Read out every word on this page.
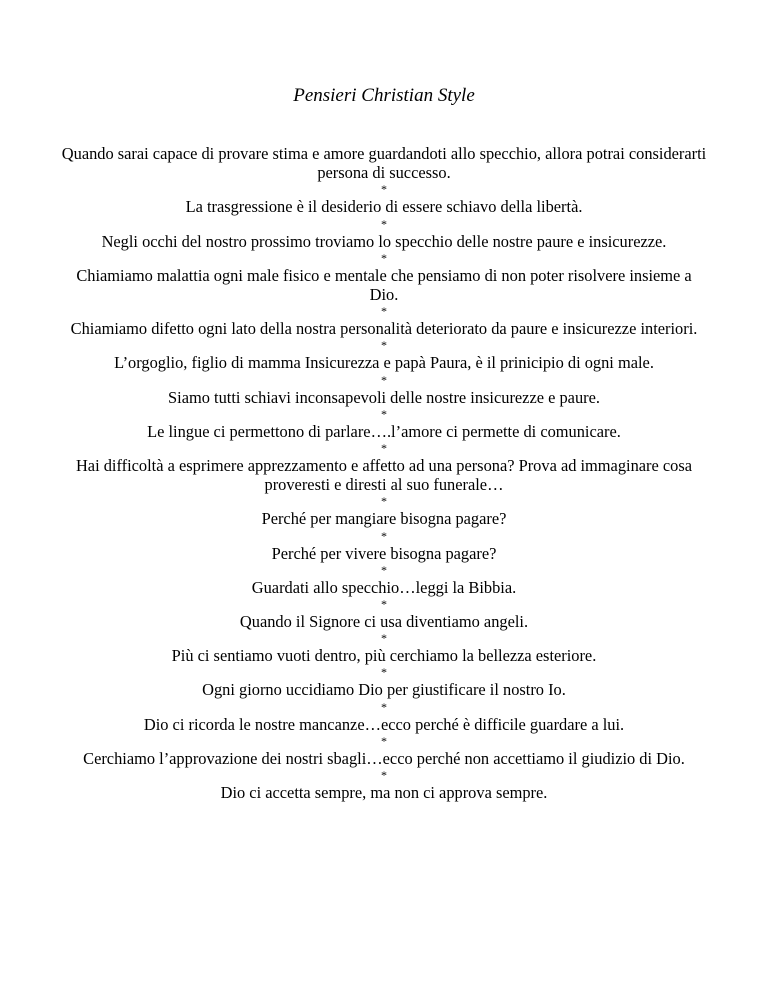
Pensieri Christian Style

Quando sarai capace di provare stima e amore guardandoti allo specchio, allora potrai considerarti persona di successo.

*

La trasgressione è il desiderio di essere schiavo della libertà.

*

Negli occhi del nostro prossimo troviamo lo specchio delle nostre paure e insicurezze.

*

Chiamiamo malattia ogni male fisico e mentale che pensiamo di non poter risolvere insieme a Dio.

*

Chiamiamo difetto ogni lato della nostra personalità deteriorato da paure e insicurezze interiori.

*

L’orgoglio, figlio di mamma Insicurezza e papà Paura, è il prinicipio di ogni male.

*

Siamo tutti schiavi inconsapevoli delle nostre insicurezze e paure.

*

Le lingue ci permettono di parlare….l’amore ci permette di comunicare.

*

Hai difficoltà a esprimere apprezzamento e affetto ad una persona? Prova ad immaginare cosa proveresti e diresti al suo funerale…

*

Perché per mangiare bisogna pagare?

*

Perché per vivere bisogna pagare?

*

Guardati allo specchio…leggi la Bibbia.

*

Quando il Signore ci usa diventiamo angeli.

*

Più ci sentiamo vuoti dentro, più cerchiamo la bellezza esteriore.

*

Ogni giorno uccidiamo Dio per giustificare il nostro Io.

*

Dio ci ricorda le nostre mancanze…ecco perché è difficile guardare a lui.

*

Cerchiamo l’approvazione dei nostri sbagli…ecco perché non accettiamo il giudizio di Dio.

*

Dio ci accetta sempre, ma non ci approva sempre.
